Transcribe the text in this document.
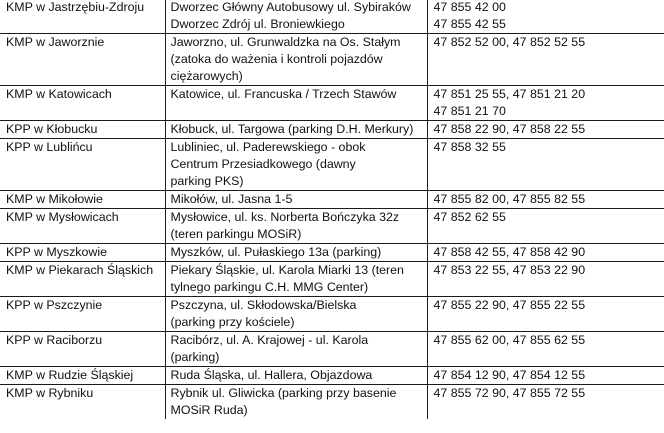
KMP w Jastrzębiu-Zdroju	Dworzec Główny Autobusowy ul. Sybiraków
Dworzec Zdrój ul. Broniewkiego	47 855 42 00
47 855 42 55

KMP w Jaworznie	Jaworzno, ul. Grunwaldzka na Os. Stałym
(zatoka do ważenia i kontroli pojazdów
ciężarowych)	47 852 52 00, 47 852 52 55

KMP w Katowicach	Katowice, ul. Francuska / Trzech Stawów	47 851 25 55, 47 851 21 20
47 851 21 70

KPP w Kłobucku	Kłobuck, ul. Targowa (parking D.H. Merkury)	47 858 22 90, 47 858 22 55

KPP w Lublińcu	Lubliniec, ul. Paderewskiego - obok
Centrum Przesiadkowego (dawny
parking PKS)	47 858 32 55

KMP w Mikołowie	Mikołów, ul. Jasna 1-5	47 855 82 00, 47 855 82 55

KMP w Mysłowicach	Mysłowice, ul. ks. Norberta Bończyka 32z
(teren parkingu MOSiR)	47 852 62 55

KPP w Myszkowie	Myszków, ul. Pułaskiego 13a (parking)	47 858 42 55, 47 858 42 90

KMP w Piekarach Śląskich	Piekary Śląskie, ul. Karola Miarki 13 (teren
tylnego parkingu C.H. MMG Center)	47 853 22 55, 47 853 22 90

KPP w Pszczynie	Pszczyna, ul. Skłodowska/Bielska
(parking przy kościele)	47 855 22 90, 47 855 22 55

KPP w Raciborzu	Racibórz, ul. A. Krajowej - ul. Karola
(parking)	47 855 62 00, 47 855 62 55

KMP w Rudzie Śląskiej	Ruda Śląska, ul. Hallera, Objazdowa	47 854 12 90, 47 854 12 55

KMP w Rybniku	Rybnik ul. Gliwicka (parking przy basenie
MOSiR Ruda)	47 855 72 90, 47 855 72 55
